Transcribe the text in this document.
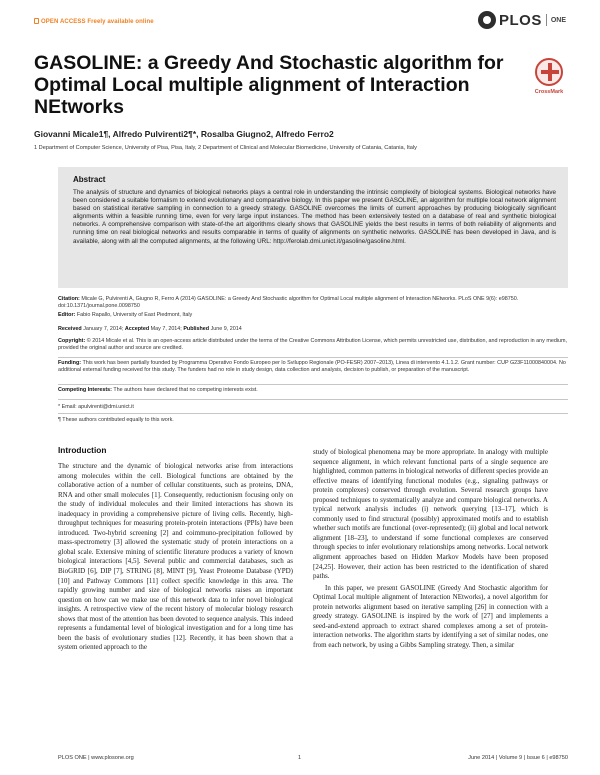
OPEN ACCESS Freely available online	PLOS ONE
GASOLINE: a Greedy And Stochastic algorithm for Optimal Local multiple alignment of Interaction NEtworks
CrossMark
Giovanni Micale1¶, Alfredo Pulvirenti2¶*, Rosalba Giugno2, Alfredo Ferro2
1 Department of Computer Science, University of Pisa, Pisa, Italy, 2 Department of Clinical and Molecular Biomedicine, University of Catania, Catania, Italy
Abstract

The analysis of structure and dynamics of biological networks plays a central role in understanding the intrinsic complexity of biological systems. Biological networks have been considered a suitable formalism to extend evolutionary and comparative biology. In this paper we present GASOLINE, an algorithm for multiple local network alignment based on statistical iterative sampling in connection to a greedy strategy. GASOLINE overcomes the limits of current approaches by producing biologically significant alignments within a feasible running time, even for very large input instances. The method has been extensively tested on a database of real and synthetic biological networks. A comprehensive comparison with state-of-the art algorithms clearly shows that GASOLINE yields the best results in terms of both reliability of alignments and running time on real biological networks and results comparable in terms of quality of alignments on synthetic networks. GASOLINE has been developed in Java, and is available, along with all the computed alignments, at the following URL: http://ferolab.dmi.unict.it/gasoline/gasoline.html.

Citation: Micale G, Pulvirenti A, Giugno R, Ferro A (2014) GASOLINE: a Greedy And Stochastic algorithm for Optimal Local multiple alignment of Interaction NEtworks. PLoS ONE 9(6): e98750. doi:10.1371/journal.pone.0098750
Editor: Fabio Rapallo, University of East Piedmont, Italy
Received January 7, 2014; Accepted May 7, 2014; Published June 9, 2014
Copyright: © 2014 Micale et al. This is an open-access article distributed under the terms of the Creative Commons Attribution License, which permits unrestricted use, distribution, and reproduction in any medium, provided the original author and source are credited.
Funding: This work has been partially founded by Programma Operativo Fondo Europeo per lo Sviluppo Regionale (PO-FESR) 2007–2013), Linea di intervento 4.1.1.2. Grant number: CUP G23F11000840004. No additional external funding received for this study. The funders had no role in study design, data collection and analysis, decision to publish, or preparation of the manuscript.
Competing Interests: The authors have declared that no competing interests exist.
* Email: apulvirenti@dmi.unict.it
¶ These authors contributed equally to this work.
Introduction

The structure and the dynamic of biological networks arise from interactions among molecules within the cell. Biological functions are obtained by the collaborative action of a number of cellular constituents, such as proteins, DNA, RNA and other small molecules [1]. Consequently, reductionism focusing only on the study of individual molecules and their limited interactions has shown its inadequacy in providing a comprehensive picture of living cells. Recently, high-throughput techniques for measuring protein-protein interactions (PPIs) have been introduced. Two-hybrid screening [2] and coimmuno-precipitation followed by mass-spectrometry [3] allowed the systematic study of protein interactions on a global scale. Extensive mining of scientific literature produces a variety of known biological interactions [4,5]. Several public and commercial databases, such as BioGRID [6], DIP [7], STRING [8], MINT [9], Yeast Proteome Database (YPD) [10] and Pathway Commons [11] collect specific knowledge in this area. The rapidly growing number and size of biological networks raises an important question on how can we make use of this network data to infer novel biological insights. A retrospective view of the recent history of molecular biology research shows that most of the attention has been devoted to sequence analysis. This indeed represents a fundamental level of biological investigation and for a long time has been the basis of evolutionary studies [12]. Recently, it has been shown that a system oriented approach to the

study of biological phenomena may be more appropriate. In analogy with multiple sequence alignment, in which relevant functional parts of a single sequence are highlighted, common patterns in biological networks of different species provide an effective means of identifying functional modules (e.g., signaling pathways or protein complexes) conserved through evolution. Several research groups have proposed techniques to systematically analyze and compare biological networks. A typical network analysis includes (i) network querying [13–17], which is commonly used to find structural (possibly) approximated motifs and to establish whether such motifs are functional (over-represented); (ii) global and local network alignment [18–23], to understand if some functional complexes are conserved through species to infer evolutionary relationships among networks. Local network alignment approaches based on Hidden Markov Models have been proposed [24,25]. However, their action has been restricted to the identification of shared paths.

In this paper, we present GASOLINE (Greedy And Stochastic algorithm for Optimal Local multiple alignment of Interaction NEtworks), a novel algorithm for protein networks alignment based on iterative sampling [26] in connection with a greedy strategy. GASOLINE is inspired by the work of [27] and implements a seed-and-extend approach to extract shared complexes among a set of protein-interaction networks. The algorithm starts by identifying a set of similar nodes, one from each network, by using a Gibbs Sampling strategy. Then, a similar

PLOS ONE | www.plosone.org	1	June 2014 | Volume 9 | Issue 6 | e98750
